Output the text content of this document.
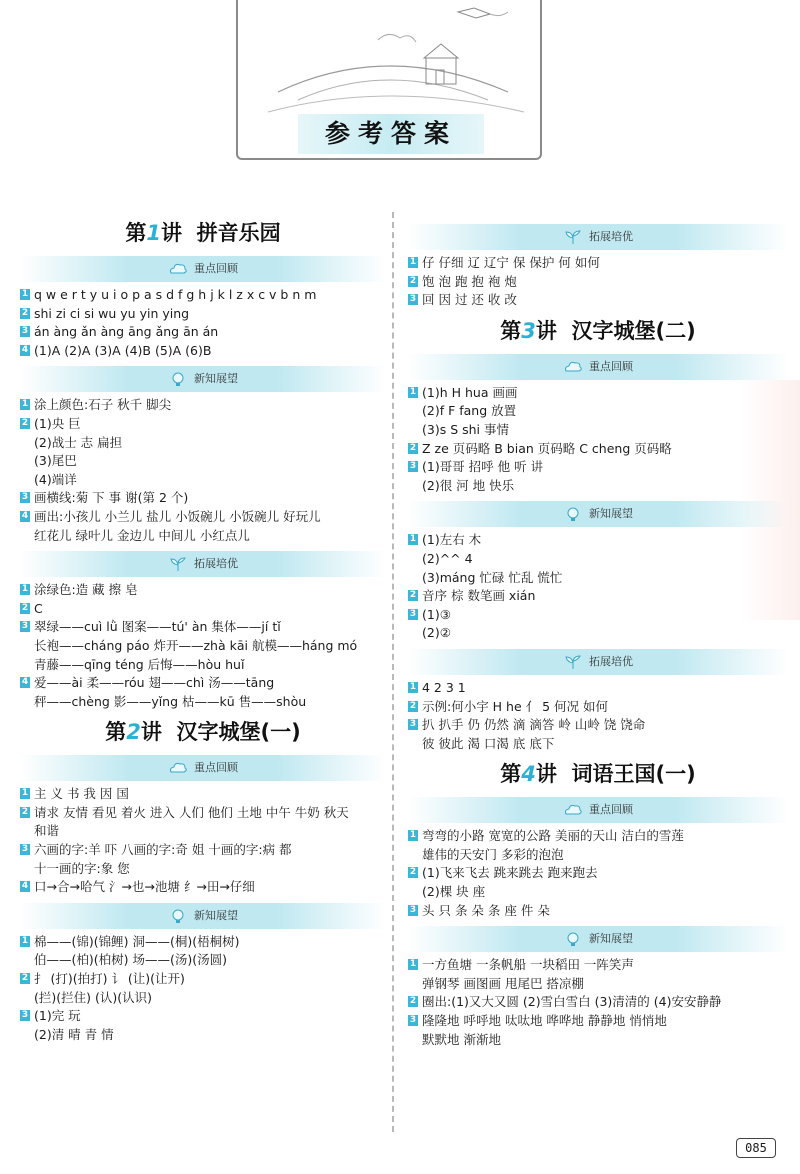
参考答案
第1讲 拼音乐园
重点回顾
1 q w e r t y u i o p a s d f g h j k l z x c v b n m
2 shi zi ci si wu yu yin ying
3 án àng ǎn àng āng ǎng ān án
4 (1)A (2)A (3)A (4)B (5)A (6)B
新知展望
1 涂上颜色:石子 秋千 脚尖
2 (1)央 巨
(2)战士 志 扁担
(3)尾巴
(4)端详
3 画横线:菊 下 事 谢(第 2 个)
4 画出:小孩儿 小兰儿 盐儿 小饭碗儿 小饭碗儿 好玩儿
红花儿 绿叶儿 金边儿 中间儿 小红点儿
拓展培优
1 涂绿色:造 藏 擦 皂
2 C
3 翠绿——cuì lǜ 图案——tú' àn 集体——jí tǐ
长袍——cháng páo 炸开——zhà kāi 航模——háng mó
青藤——qīng téng 后悔——hòu huǐ
4 爱——ài 柔——róu 翅——chì 汤——tāng
秤——chèng 影——yǐng 枯——kū 售——shòu
第2讲 汉字城堡(一)
重点回顾
1 主 义 书 我 因 国
2 请求 友情 看见 着火 进入 人们 他们 土地 中午 牛奶 秋天
和谐
3 六画的字:羊 吓 八画的字:奇 姐 十画的字:病 都
十一画的字:象 您
4 口→合→哈气 氵→也→池塘 纟→田→仔细
新知展望
1 棉——(锦)(锦鲤) 洞——(桐)(梧桐树)
伯——(柏)(柏树) 场——(汤)(汤圆)
2 扌 (打)(拍打) 讠 (让)(让开)
(拦)(拦住) (认)(认识)
3 (1)完 玩
(2)清 晴 青 情
拓展培优
1 仔 仔细 辽 辽宁 保 保护 何 如何
2 饱 泡 跑 抱 袍 炮
3 回 因 过 还 收 改
第3讲 汉字城堡(二)
重点回顾
1 (1)h H hua 画画
(2)f F fang 放置
(3)s S shi 事情
2 Z ze 页码略 B bian 页码略 C cheng 页码略
3 (1)哥哥 招呼 他 听 讲
(2)很 河 地 快乐
新知展望
1 (1)左右 木
(2)^^ 4
(3)máng 忙碌 忙乱 慌忙
2 音序 棕 数笔画 xián
3 (1)③
(2)②
拓展培优
1 4 2 3 1
2 示例:何小宇 H he 亻 5 何况 如何
3 扒 扒手 仍 仍然 滴 滴答 岭 山岭 饶 饶命
彼 彼此 渴 口渴 底 底下
第4讲 词语王国(一)
重点回顾
1 弯弯的小路 宽宽的公路 美丽的天山 洁白的雪莲
雄伟的天安门 多彩的泡泡
2 (1)飞来飞去 跳来跳去 跑来跑去
(2)棵 块 座
3 头 只 条 朵 条 座 件 朵
新知展望
1 一方鱼塘 一条帆船 一块稻田 一阵笑声
弹钢琴 画图画 甩尾巴 搭凉棚
2 圈出:(1)又大又圆 (2)雪白雪白 (3)清清的 (4)安安静静
3 隆隆地 呼呼地 呔呔地 哗哗地 静静地 悄悄地
默默地 渐渐地
085
